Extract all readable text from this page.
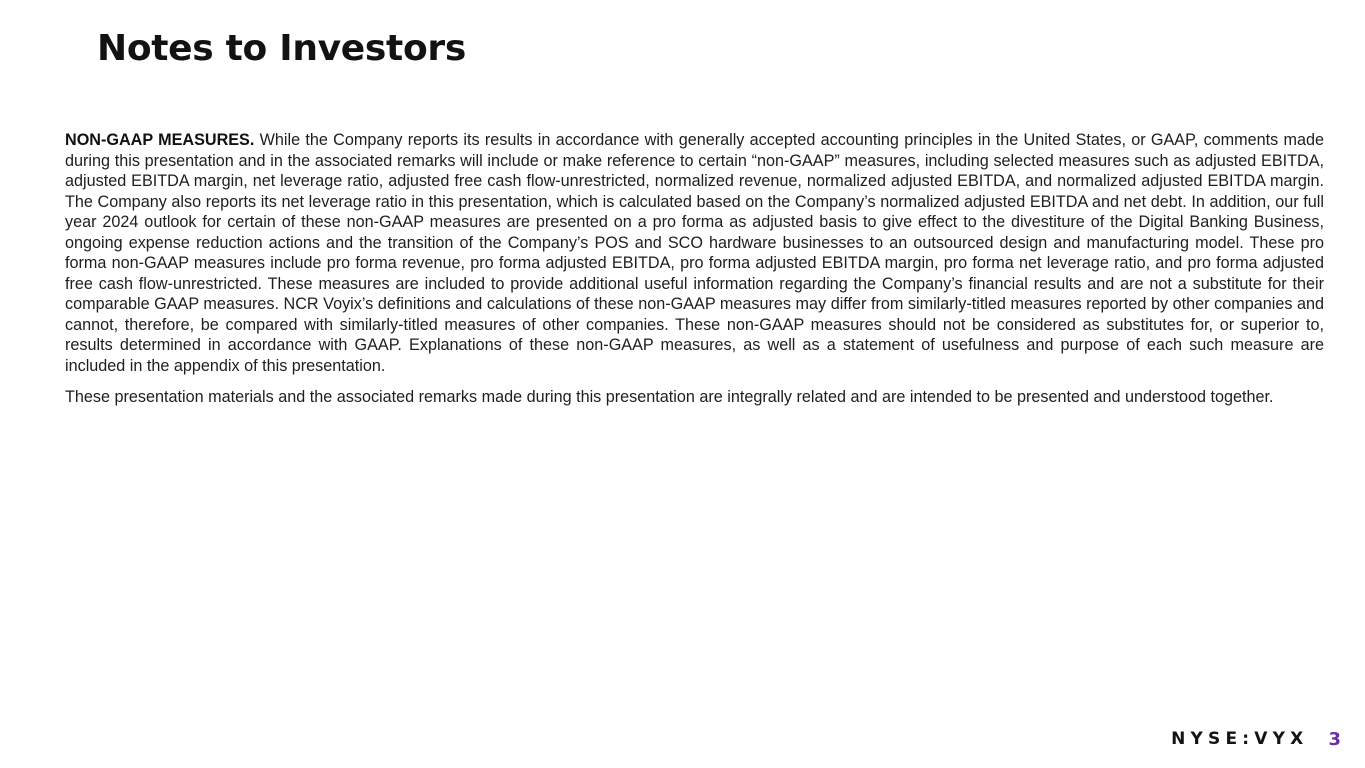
Notes to Investors

NON-GAAP MEASURES. While the Company reports its results in accordance with generally accepted accounting principles in the United States, or GAAP, comments made during this presentation and in the associated remarks will include or make reference to certain “non-GAAP” measures, including selected measures such as adjusted EBITDA, adjusted EBITDA margin, net leverage ratio, adjusted free cash flow-unrestricted, normalized revenue, normalized adjusted EBITDA, and normalized adjusted EBITDA margin. The Company also reports its net leverage ratio in this presentation, which is calculated based on the Company’s normalized adjusted EBITDA and net debt. In addition, our full year 2024 outlook for certain of these non-GAAP measures are presented on a pro forma as adjusted basis to give effect to the divestiture of the Digital Banking Business, ongoing expense reduction actions and the transition of the Company’s POS and SCO hardware businesses to an outsourced design and manufacturing model. These pro forma non-GAAP measures include pro forma revenue, pro forma adjusted EBITDA, pro forma adjusted EBITDA margin, pro forma net leverage ratio, and pro forma adjusted free cash flow-unrestricted. These measures are included to provide additional useful information regarding the Company’s financial results and are not a substitute for their comparable GAAP measures. NCR Voyix’s definitions and calculations of these non-GAAP measures may differ from similarly-titled measures reported by other companies and cannot, therefore, be compared with similarly-titled measures of other companies. These non-GAAP measures should not be considered as substitutes for, or superior to, results determined in accordance with GAAP. Explanations of these non-GAAP measures, as well as a statement of usefulness and purpose of each such measure are included in the appendix of this presentation.

These presentation materials and the associated remarks made during this presentation are integrally related and are intended to be presented and understood together.

NYSE:VYX 3
